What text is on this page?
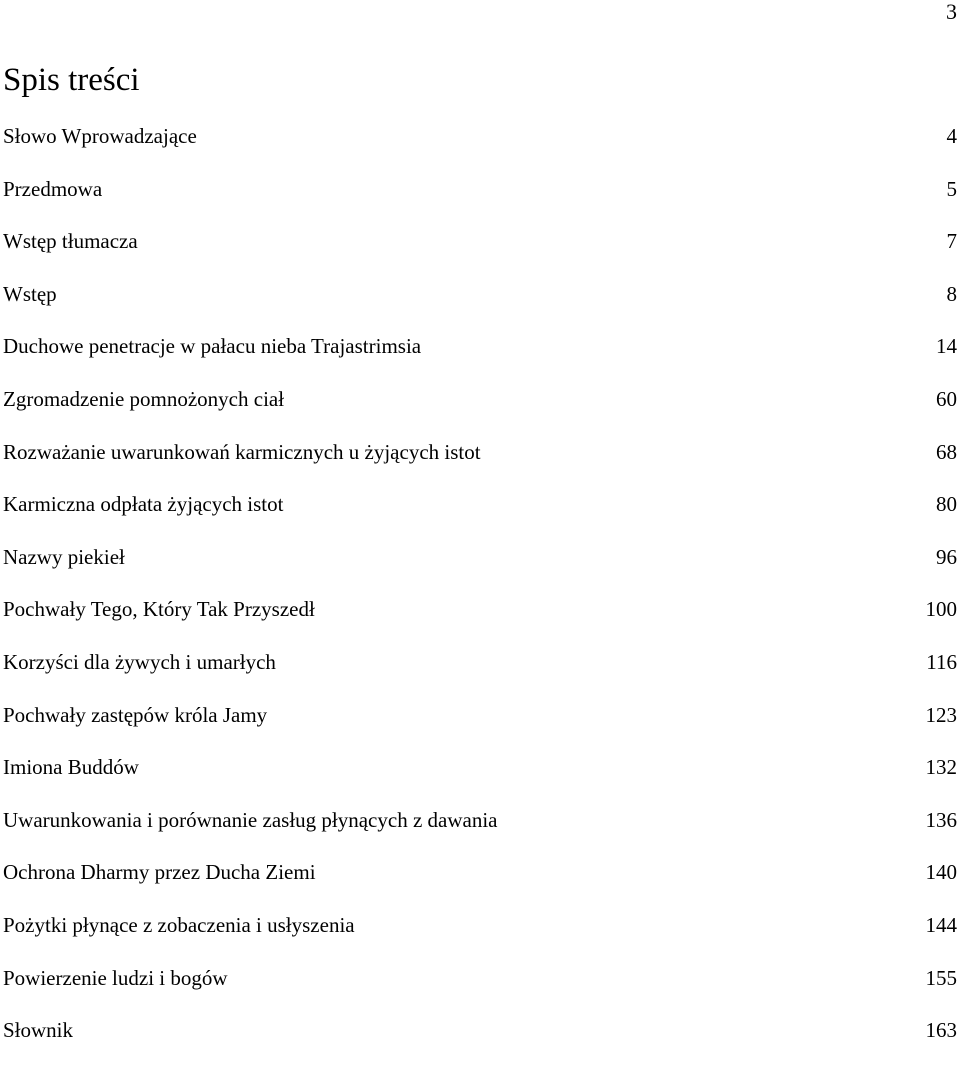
3
Spis treści
Słowo Wprowadzające	4
Przedmowa	5
Wstęp tłumacza	7
Wstęp	8
Duchowe penetracje w pałacu nieba Trajastrimsia	14
Zgromadzenie pomnożonych ciał	60
Rozważanie uwarunkowań karmicznych u żyjących istot	68
Karmiczna odpłata żyjących istot	80
Nazwy piekieł	96
Pochwały Tego, Który Tak Przyszedł	100
Korzyści dla żywych i umarłych	116
Pochwały zastępów króla Jamy	123
Imiona Buddów	132
Uwarunkowania i porównanie zasług płynących z dawania	136
Ochrona Dharmy przez Ducha Ziemi	140
Pożytki płynące z zobaczenia i usłyszenia	144
Powierzenie ludzi i bogów	155
Słownik	163
